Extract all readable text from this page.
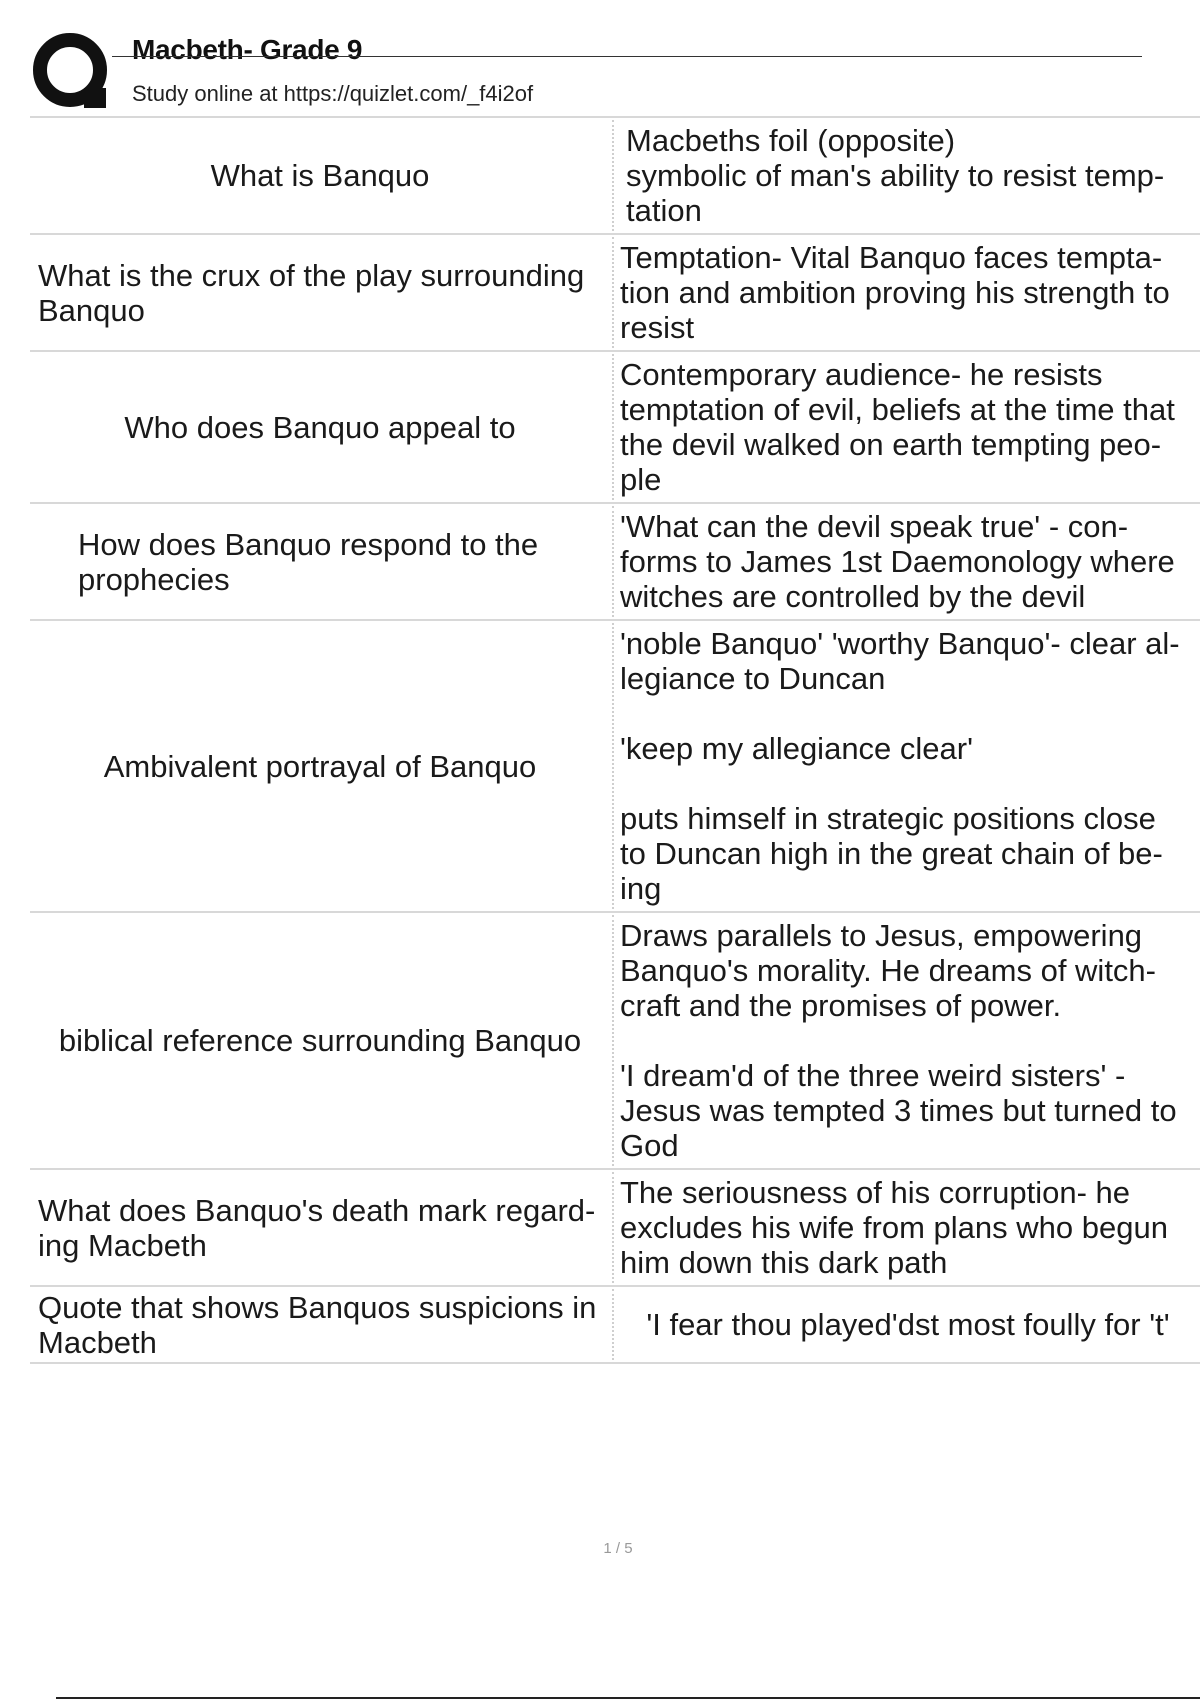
Macbeth- Grade 9
Study online at https://quizlet.com/_f4i2of
What is Banquo
Macbeths foil (opposite)
symbolic of man's ability to resist temp-
tation
What is the crux of the play surrounding
Banquo
Temptation- Vital Banquo faces tempta-
tion and ambition proving his strength to
resist
Who does Banquo appeal to
Contemporary audience- he resists
temptation of evil, beliefs at the time that
the devil walked on earth tempting peo-
ple
How does Banquo respond to the
prophecies
'What can the devil speak true' - con-
forms to James 1st Daemonology where
witches are controlled by the devil
Ambivalent portrayal of Banquo
'noble Banquo' 'worthy Banquo'- clear al-
legiance to Duncan

'keep my allegiance clear'

puts himself in strategic positions close
to Duncan high in the great chain of be-
ing
biblical reference surrounding Banquo
Draws parallels to Jesus, empowering
Banquo's morality. He dreams of witch-
craft and the promises of power.

'I dream'd of the three weird sisters' -
Jesus was tempted 3 times but turned to
God
What does Banquo's death mark regard-
ing Macbeth
The seriousness of his corruption- he
excludes his wife from plans who begun
him down this dark path
Quote that shows Banquos suspicions in
Macbeth	'I fear thou played'dst most foully for 't'
1 / 5
